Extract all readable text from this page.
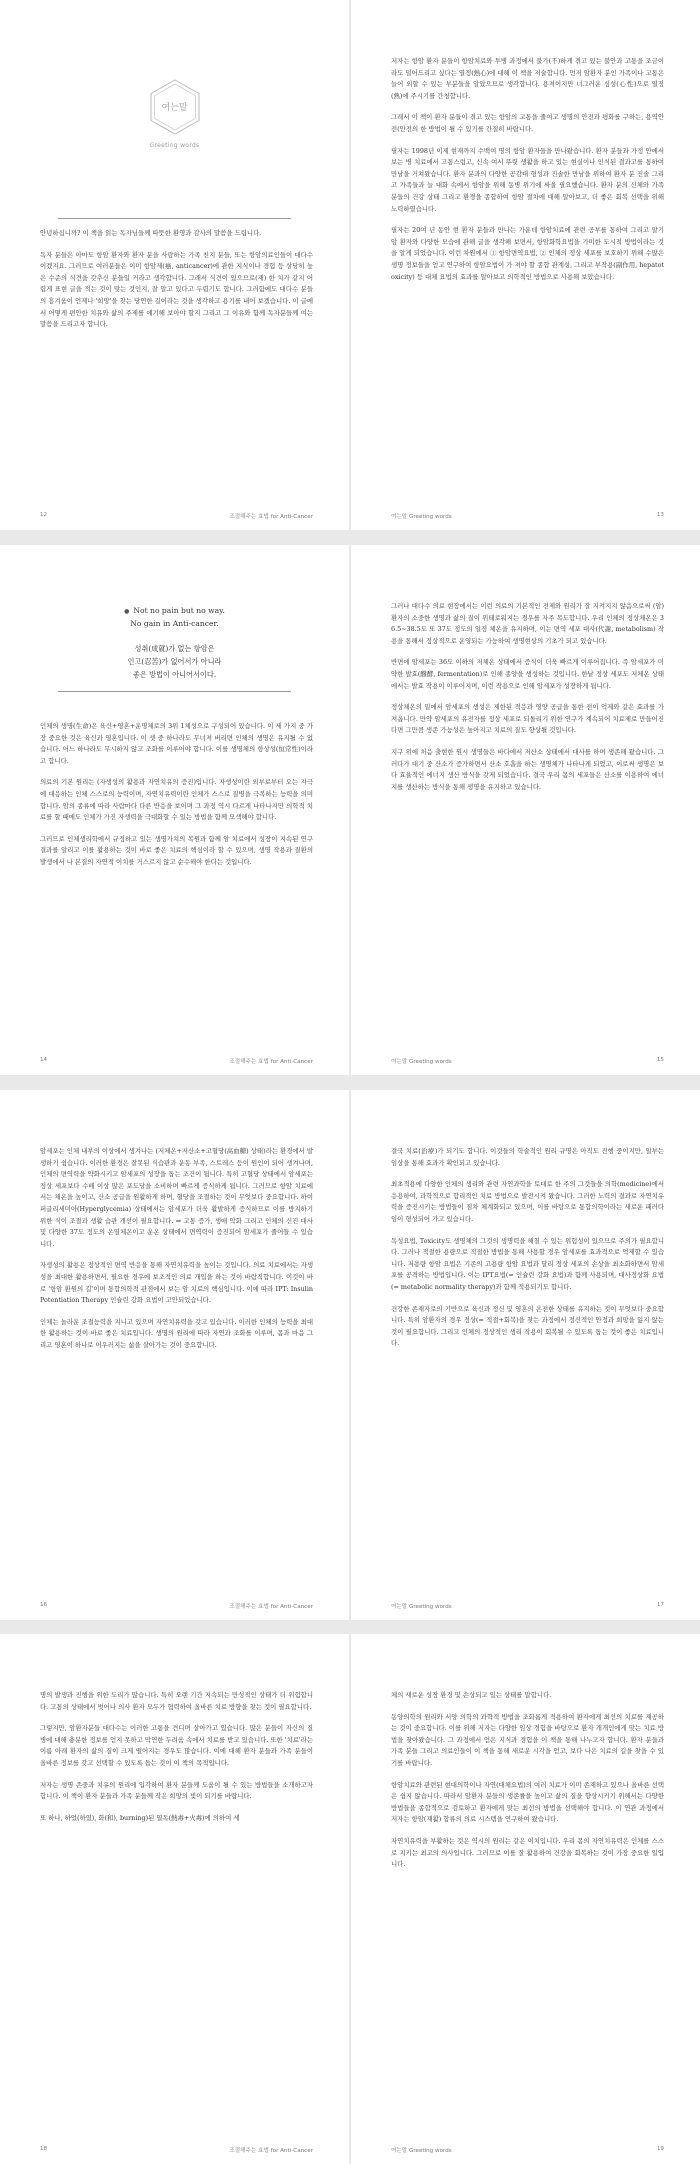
여는말
Greeting words

안녕하십니까? 이 책을 읽는 독자님들께 따뜻한 환영과 감사의 말씀을 드립니다.

독자 분들은 아마도 항암 환자와 환자 분을 사랑하는 가족 친지 분들, 또는 항암의료인들이 대다수이겠지요. 그러므로 여러분들은 이미 항암제(癌, anticancer)에 관한 지식이나 경험 등 상당히 높은 수준의 식견을 갖추신 분들일 거라고 생각합니다. 그래서 식견이 있으므로(재) 한 치가 같지 어렵게 표현 글을 적는 것이 맞는 것인지, 잘 알고 있다고 두렵기도 합니다. 그러함에도 대다수 분들의 흥겨움이 언제나 '희망'을 찾는 당연한 길이라는 것을 생각하고 용기를 내어 보겠습니다. 이 글에서 어떻게 편안한 치유와 삶의 주제를 얘기해 보아야 할지 그리고 그 이유와 함께 독자분들께 여는 말씀을 드리고자 합니다.

12	조절해주는 효법 for Anti-Cancer

저자는 항암 환자 분들이 항암치료와 투병 과정에서 불가(不)하게 겪고 있는 불안과 고통을 조금이라도 덜어드리고 싶다는 열정(熱心)에 대해 이 책을 저술합니다. 먼저 암환자 분인 가족이나 고통은 늘어 외할 수 있는 부분들을 알았으므로 생각합니다. 용져이지만 너그러운 심성(心性)으로 열정 (熱)에 주시기를 간청합니다.

그래서 이 책이 환자 분들이 겪고 있는 항암의 고통을 줄여고 생명의 안전과 평화를 구하는, 용역안전(안전의 한 방법이 될 수 있기를 간절히 바랍니다.

필자는 1998년 이제 현재까지 수백여 명의 항암 환자들을 만나왔습니다. 환자 분들과 가정 안에서 보는 병 치료에서 고통스럽고, 신속 여서 뚜렷 생활을 하고 있는 현실이나 인식된 결과고를 통하여 만남을 거쳐왔습니다. 환자 분과의 다양한 공감대 형성과 진솔한 만남을 위하여 환자 분 진솔 그리고 가족들과 늘 대화 속에서 항암을 위해 동병 위기에 싸울 필요했습니다. 환자 분의 신체와 가족 분들의 건강 상태 그리고 환경을 종합하여 항암 절차에 대해 알아보고, 더 좋은 회복 선택을 위해 노력하였습니다.

필자는 20여 년 동안 현 환자 분들과 만나는 가운데 항암치료에 관련 공부를 통하여 그리고 알기 암 환자와 다양한 모습에 관해 글을 생각해 보면서, 항암화학요법을 가미한 도시적 방법이라는 것을 알게 되었습니다. 이런 차원에서 ① 항암면역요법, ② 인체의 정상 세포를 보호하기 위해 수많은 생명 정보들을 얻고 연구하여 항암요법이 가 져야 할 종합 관계성, 그리고 부작용(副作用, hepatotoxicity) 등 대체 요법의 효과를 알아보고 의학적인 방법으로 사용해 보았습니다.

여는말 Greeting words	13
● Not no pain but no way.
No gain in Anti-cancer.
성취(成就)가 없는 항암은
인고(忍苦)가 없어서가 아니라
좋은 방법이 아니어서이다.

인체의 생명(生命)은 육신+영혼+운명체로의 3위 1체성으로 구성되어 있습니다. 이 세 가지 중 가장 중요한 것은 육신과 영혼입니다. 이 셋 중 하나라도 무너져 버리면 인체의 생명은 유지될 수 없습니다. 어느 하나라도 무시하지 않고 조화를 이루어야 합니다. 이를 생명체의 항상성(恒常性)이라고 합니다.

의료의 기본 원리는 (자생성의 활용과 자연치유의 증진)입니다. 자생성이란 외부로부터 오는 자극에 대응하는 인체 스스로의 능력이며, 자연치유력이란 인체가 스스로 질병을 극복하는 능력을 의미합니다. 암의 종류에 따라 사람마다 다른 반응을 보이며 그 과정 역시 다르게 나타나지만 의학적 치료를 할 때에도 인체가 가진 자생력을 극대화할 수 있는 방법을 함께 모색해야 합니다.

그러므로 인체생리학에서 규정하고 있는 생명가치의 복원과 함께 암 치료에서 성장이 지속된 연구결과를 알리고 이를 활용하는 것이 바로 좋은 치료의 핵심이라 할 수 있으며, 생명 작용과 질환의 발생에서 나 본질의 자연적 이치를 거스르지 않고 순수해야 한다는 것입니다.

14	조절해주는 효법 for Anti-Cancer

그러나 대다수 의료 현장에서는 이런 의료의 기본적인 전제와 원리가 잘 지켜지지 않음으로써 (암)환자의 소중한 생명과 삶의 질이 위태로워지는 경우를 자주 목도합니다. 우리 인체의 정상체온은 36.5~38.5도 또 37도 정도의 일정 체온을 유지하며, 이는 면역 세포 대사(代謝, metabolism) 작용을 통해서 정상적으로 운영되는 가능하여 생명현상의 기초가 되고 있습니다.

반면에 암세포는 36도 이하의 저체온 상태에서 증식이 더욱 빠르게 이루어집니다. 즉 암세포가 미약한 발효(醱酵, fermentation)로 인해 종양을 생성하는 것입니다. 한낱 정상 세포도 저체온 상태에서는 발효 작용이 이루어지며, 이런 작용으로 인해 암세포가 성장하게 됩니다.

정상체온의 밑에서 암세포의 생성은 제한된 적응과 영양 공급을 통한 전이 억제와 같은 효과를 가져옵니다. 만약 암세포의 유전자를 정상 세포로 되돌리기 위한 연구가 계속되어 치료제로 만들어진다면 그만큼 생존 가능성은 높아지고 치료의 질도 향상될 것입니다.

지구 위에 처음 출현한 원시 생명들은 바다에서 저산소 상태에서 대사를 하며 생존해 왔습니다. 그러다가 대기 중 산소가 증가하면서 산소 호흡을 하는 생명체가 나타나게 되었고, 이로써 생명은 보다 효율적인 에너지 생산 방식을 갖게 되었습니다. 결국 우리 몸의 세포들은 산소를 이용하여 에너지를 생산하는 방식을 통해 생명을 유지하고 있습니다.

여는말 Greeting words	15

암세포는 인체 내부의 이상에서 생겨나는 (저체온+저산소+고혈당(高血糖) 상태)라는 환경에서 발생하기 쉽습니다. 이러한 환경은 잘못된 식습관과 운동 부족, 스트레스 등이 원인이 되어 생겨나며, 인체의 면역력을 약화시키고 암세포의 성장을 돕는 조건이 됩니다. 특히 고혈당 상태에서 암세포는 정상 세포보다 수배 이상 많은 포도당을 소비하며 빠르게 증식하게 됩니다. 그러므로 항암 치료에서는 체온을 높이고, 산소 공급을 원활하게 하며, 혈당을 조절하는 것이 무엇보다 중요합니다. 하이퍼글리세미아(Hyperglycemia) 상태에서는 암세포가 더욱 활발하게 증식하므로 이를 방지하기 위한 식이 조절과 생활 습관 개선이 필요합니다. ⇒ 고통 증가, 생애 악화 그리고 인체의 신진 대사 및 다양한 37도 정도의 온열체온이고 운온 상태에서 면역력이 증진되어 암세포가 줄어들 수 있습니다.

자생성의 활용은 정상적인 면역 반응을 통해 자연치유력을 높이는 것입니다. 의료 치료에서는 자생성을 최대한 활용하면서, 필요한 경우에 보조적인 의료 개입을 하는 것이 바람직합니다. 이것이 바로 '항암 환원의 길'이며 통합의학적 관점에서 보는 암 치료의 핵심입니다. 이에 따라 IPT: Insulin Potentiation Therapy 인슐린 강화 요법이 고안되었습니다.

인체는 놀라운 조절능력을 지니고 있으며 자연치유력을 갖고 있습니다. 이러한 인체의 능력을 최대한 활용하는 것이 바로 좋은 치료입니다. 생명의 원리에 따라 자연과 조화를 이루며, 몸과 마음 그리고 영혼이 하나로 어우러지는 삶을 살아가는 것이 중요합니다.

16	조절해주는 효법 for Anti-Cancer

결국 치료(治療)가 되기도 합니다. 이것들의 학술적인 원리 규명은 아직도 진행 중이지만, 일부는 임상을 통해 효과가 확인되고 있습니다.

최초적용에 다양한 인체의 생리와 관련 자연과학을 토대로 한 주의 그것들을 의학(medicine)에서 응용하여, 과학적으로 합리적인 치료 방법으로 발전시켜 왔습니다. 그러한 노력의 결과로 자연치유력을 증진시키는 방법들이 점차 체계화되고 있으며, 이를 바탕으로 통합의학이라는 새로운 패러다임이 형성되어 가고 있습니다.

독성요법, Toxicity도 생명체의 그것의 생명력을 해칠 수 있는 위험성이 있으므로 주의가 필요합니다. 그러나 적절한 용량으로 적절한 방법을 통해 사용할 경우 암세포를 효과적으로 억제할 수 있습니다. 저용량 항암 요법은 기존의 고용량 항암 요법과 달리 정상 세포의 손상을 최소화하면서 암세포를 공격하는 방법입니다. 이는 IPT요법(= 인슐린 강화 요법)과 함께 사용되며, 대사정상화 요법(= metabolic normality therapy)과 함께 적용되기도 합니다.

건강한 존재자로의 기반으로 육신과 정신 및 영혼의 온전한 상태를 유지하는 것이 무엇보다 중요합니다. 특히 암환자의 경우 정상(= 적절+회복)을 찾는 과정에서 정신적인 안정과 희망을 잃지 않는 것이 필요합니다. 그리고 인체의 정상적인 생리 작용이 회복될 수 있도록 돕는 것이 좋은 치료입니다.

여는말 Greeting words	17

명의 발생과 진행을 위한 도리가 많습니다. 특히 오랜 기간 지속되는 만성적인 상태가 더 위험합니다. 고통의 상태에서 벗어나 의사 환자 모두가 협력하여 올바른 치료 방향을 찾는 것이 필요합니다.

그렇지만, 암환자분들 대다수는 이러한 고통을 견디며 살아가고 있습니다. 많은 분들이 자신의 질병에 대해 충분한 정보를 얻지 못하고 막연한 두려움 속에서 치료를 받고 있습니다. 또한 '치료'라는 이름 아래 환자의 삶의 질이 크게 떨어지는 경우도 많습니다. 이에 대해 환자 분들과 가족 분들이 올바른 정보를 갖고 선택할 수 있도록 돕는 것이 이 책의 목적입니다.

저자는 생명 존중과 치유의 원리에 입각하여 환자 분들께 도움이 될 수 있는 방법들을 소개하고자 합니다. 이 책이 환자 분들과 가족 분들께 작은 희망의 빛이 되기를 바랍니다.

또 하나, 하었(하였), 화(和), burning)된 열독(熱毒+火毒)에 의하여 세

18	조절해주는 효법 for Anti-Cancer

체의 새로운 성장 환경 및 손상되고 있는 상태를 말합니다.

동양의학의 원리와 서양 의학의 과학적 방법을 조화롭게 적용하여 환자에게 최선의 치료를 제공하는 것이 중요합니다. 이를 위해 저자는 다양한 임상 경험을 바탕으로 환자 개개인에게 맞는 치료 방법을 찾아왔습니다. 그 과정에서 얻은 지식과 경험을 이 책을 통해 나누고자 합니다. 환자 분들과 가족 분들 그리고 의료인들이 이 책을 통해 새로운 시각을 얻고, 보다 나은 치료의 길을 찾을 수 있기를 바랍니다.

항암치료와 관련된 현대의학이나 자연(대체요법)의 여러 치료가 이미 존재하고 있으나 올바른 선택은 쉽지 않습니다. 따라서 암환자 분들의 생존률을 높이고 삶의 질을 향상시키기 위해서는 다양한 방법들을 종합적으로 검토하고 환자에게 맞는 최선의 방법을 선택해야 합니다. 이 연관 과정에서 저자는 항암(재활) 합류의 의료 시스템을 연구하여 왔습니다.

자연치유력을 부활하는 것은 역시의 원리는 같은 이치입니다. 우리 몸의 자연치유력은 인체를 스스로 지키는 최고의 의사입니다. 그러므로 이를 잘 활용하여 건강을 회복하는 것이 가장 중요한 일입니다.

여는말 Greeting words	19
